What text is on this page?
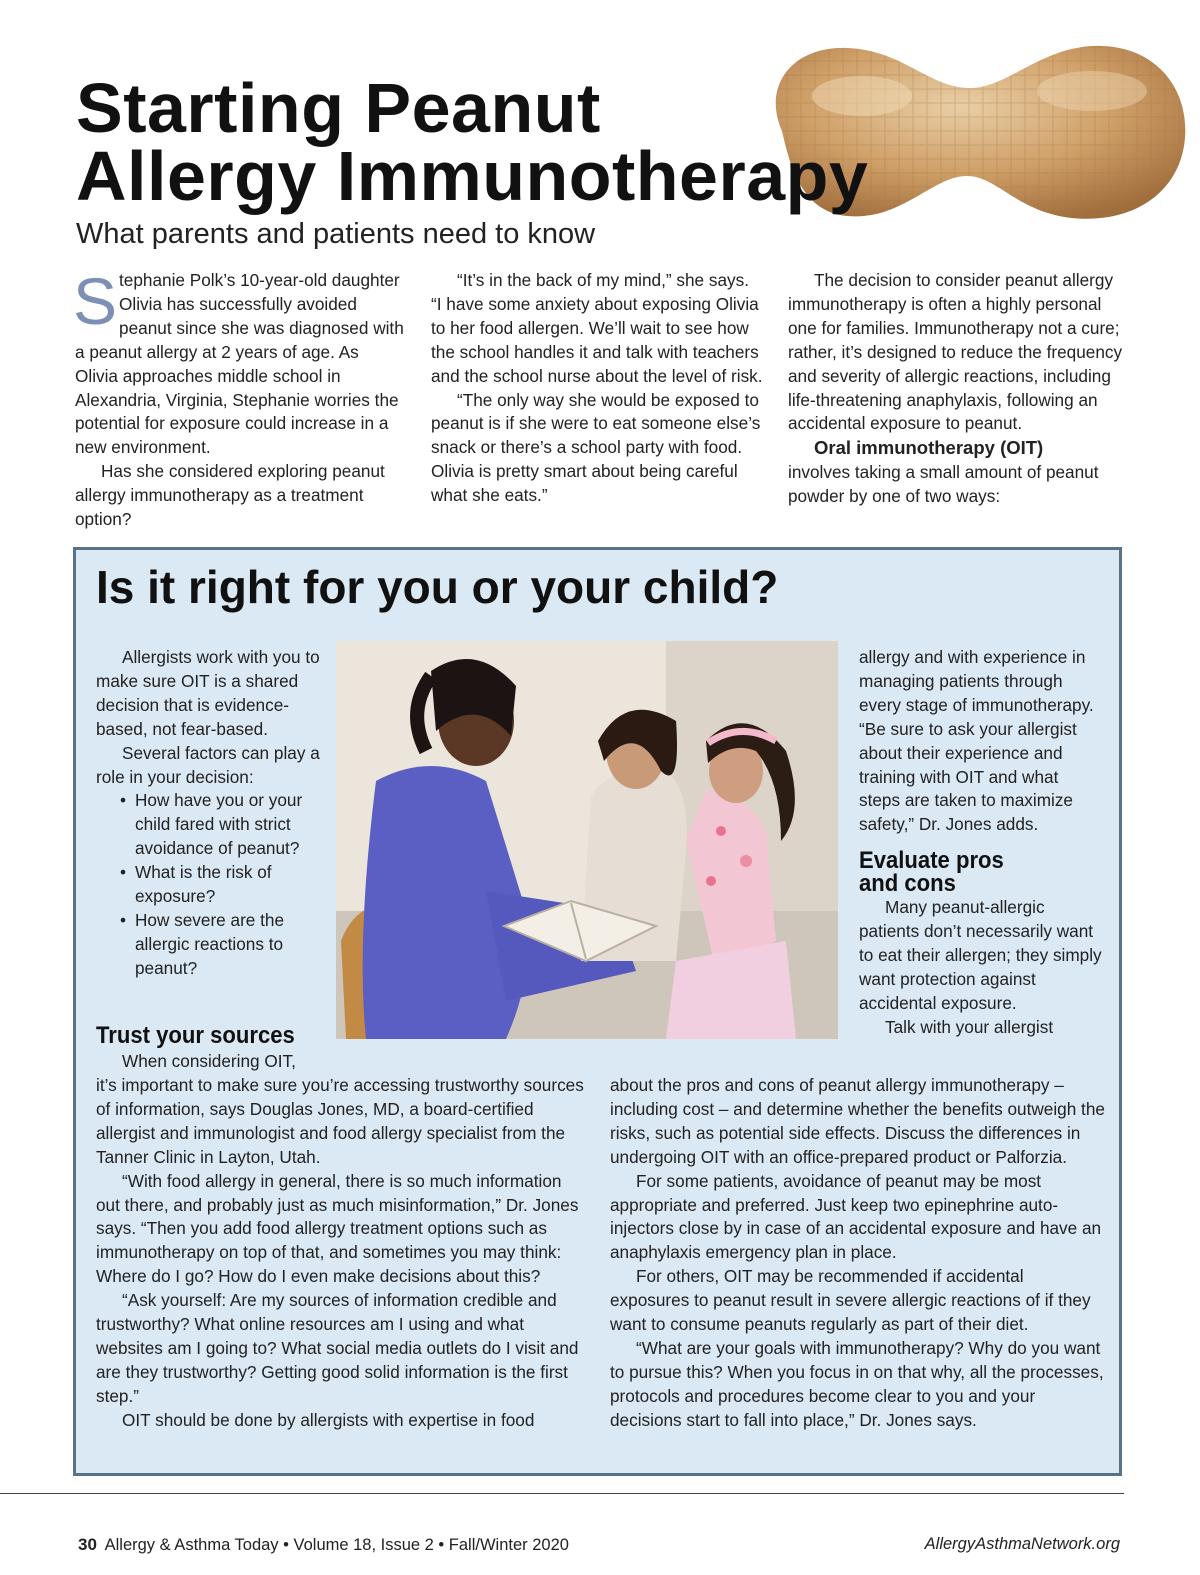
Starting Peanut
Allergy Immunotherapy
What parents and patients need to know

Stephanie Polk’s 10-year-old daughter Olivia has successfully avoided peanut since she was diagnosed with a peanut allergy at 2 years of age. As Olivia approaches middle school in Alexandria, Virginia, Stephanie worries the potential for exposure could increase in a new environment.

Has she considered exploring peanut allergy immunotherapy as a treatment option?

“It’s in the back of my mind,” she says. “I have some anxiety about exposing Olivia to her food allergen. We’ll wait to see how the school handles it and talk with teachers and the school nurse about the level of risk.

“The only way she would be exposed to peanut is if she were to eat someone else’s snack or there’s a school party with food. Olivia is pretty smart about being careful what she eats.”

The decision to consider peanut allergy immunotherapy is often a highly personal one for families. Immunotherapy not a cure; rather, it’s designed to reduce the frequency and severity of allergic reactions, including life-threatening anaphylaxis, following an accidental exposure to peanut.

Oral immunotherapy (OIT)

involves taking a small amount of peanut powder by one of two ways:

Is it right for you or your child?

Allergists work with you to make sure OIT is a shared decision that is evidence-based, not fear-based.

Several factors can play a role in your decision:

• How have you or your child fared with strict avoidance of peanut?
• What is the risk of exposure?
• How severe are the allergic reactions to peanut?
Trust your sources

When considering OIT,

it’s important to make sure you’re accessing trustworthy sources of information, says Douglas Jones, MD, a board-certified allergist and immunologist and food allergy specialist from the Tanner Clinic in Layton, Utah.

“With food allergy in general, there is so much information out there, and probably just as much misinformation,” Dr. Jones says. “Then you add food allergy treatment options such as immunotherapy on top of that, and sometimes you may think: Where do I go? How do I even make decisions about this?

“Ask yourself: Are my sources of information credible and trustworthy? What online resources am I using and what websites am I going to? What social media outlets do I visit and are they trustworthy? Getting good solid information is the first step.”

OIT should be done by allergists with expertise in food

allergy and with experience in managing patients through every stage of immunotherapy. “Be sure to ask your allergist about their experience and training with OIT and what steps are taken to maximize safety,” Dr. Jones adds.

Evaluate pros
and cons

Many peanut-allergic patients don’t necessarily want to eat their allergen; they simply want protection against accidental exposure.

Talk with your allergist

about the pros and cons of peanut allergy immunotherapy – including cost – and determine whether the benefits outweigh the risks, such as potential side effects. Discuss the differences in undergoing OIT with an office-prepared product or Palforzia.

For some patients, avoidance of peanut may be most appropriate and preferred. Just keep two epinephrine auto-injectors close by in case of an accidental exposure and have an anaphylaxis emergency plan in place.

For others, OIT may be recommended if accidental exposures to peanut result in severe allergic reactions of if they want to consume peanuts regularly as part of their diet.

“What are your goals with immunotherapy? Why do you want to pursue this? When you focus in on that why, all the processes, protocols and procedures become clear to you and your decisions start to fall into place,” Dr. Jones says.

30 Allergy & Asthma Today • Volume 18, Issue 2 • Fall/Winter 2020	AllergyAsthmaNetwork.org
